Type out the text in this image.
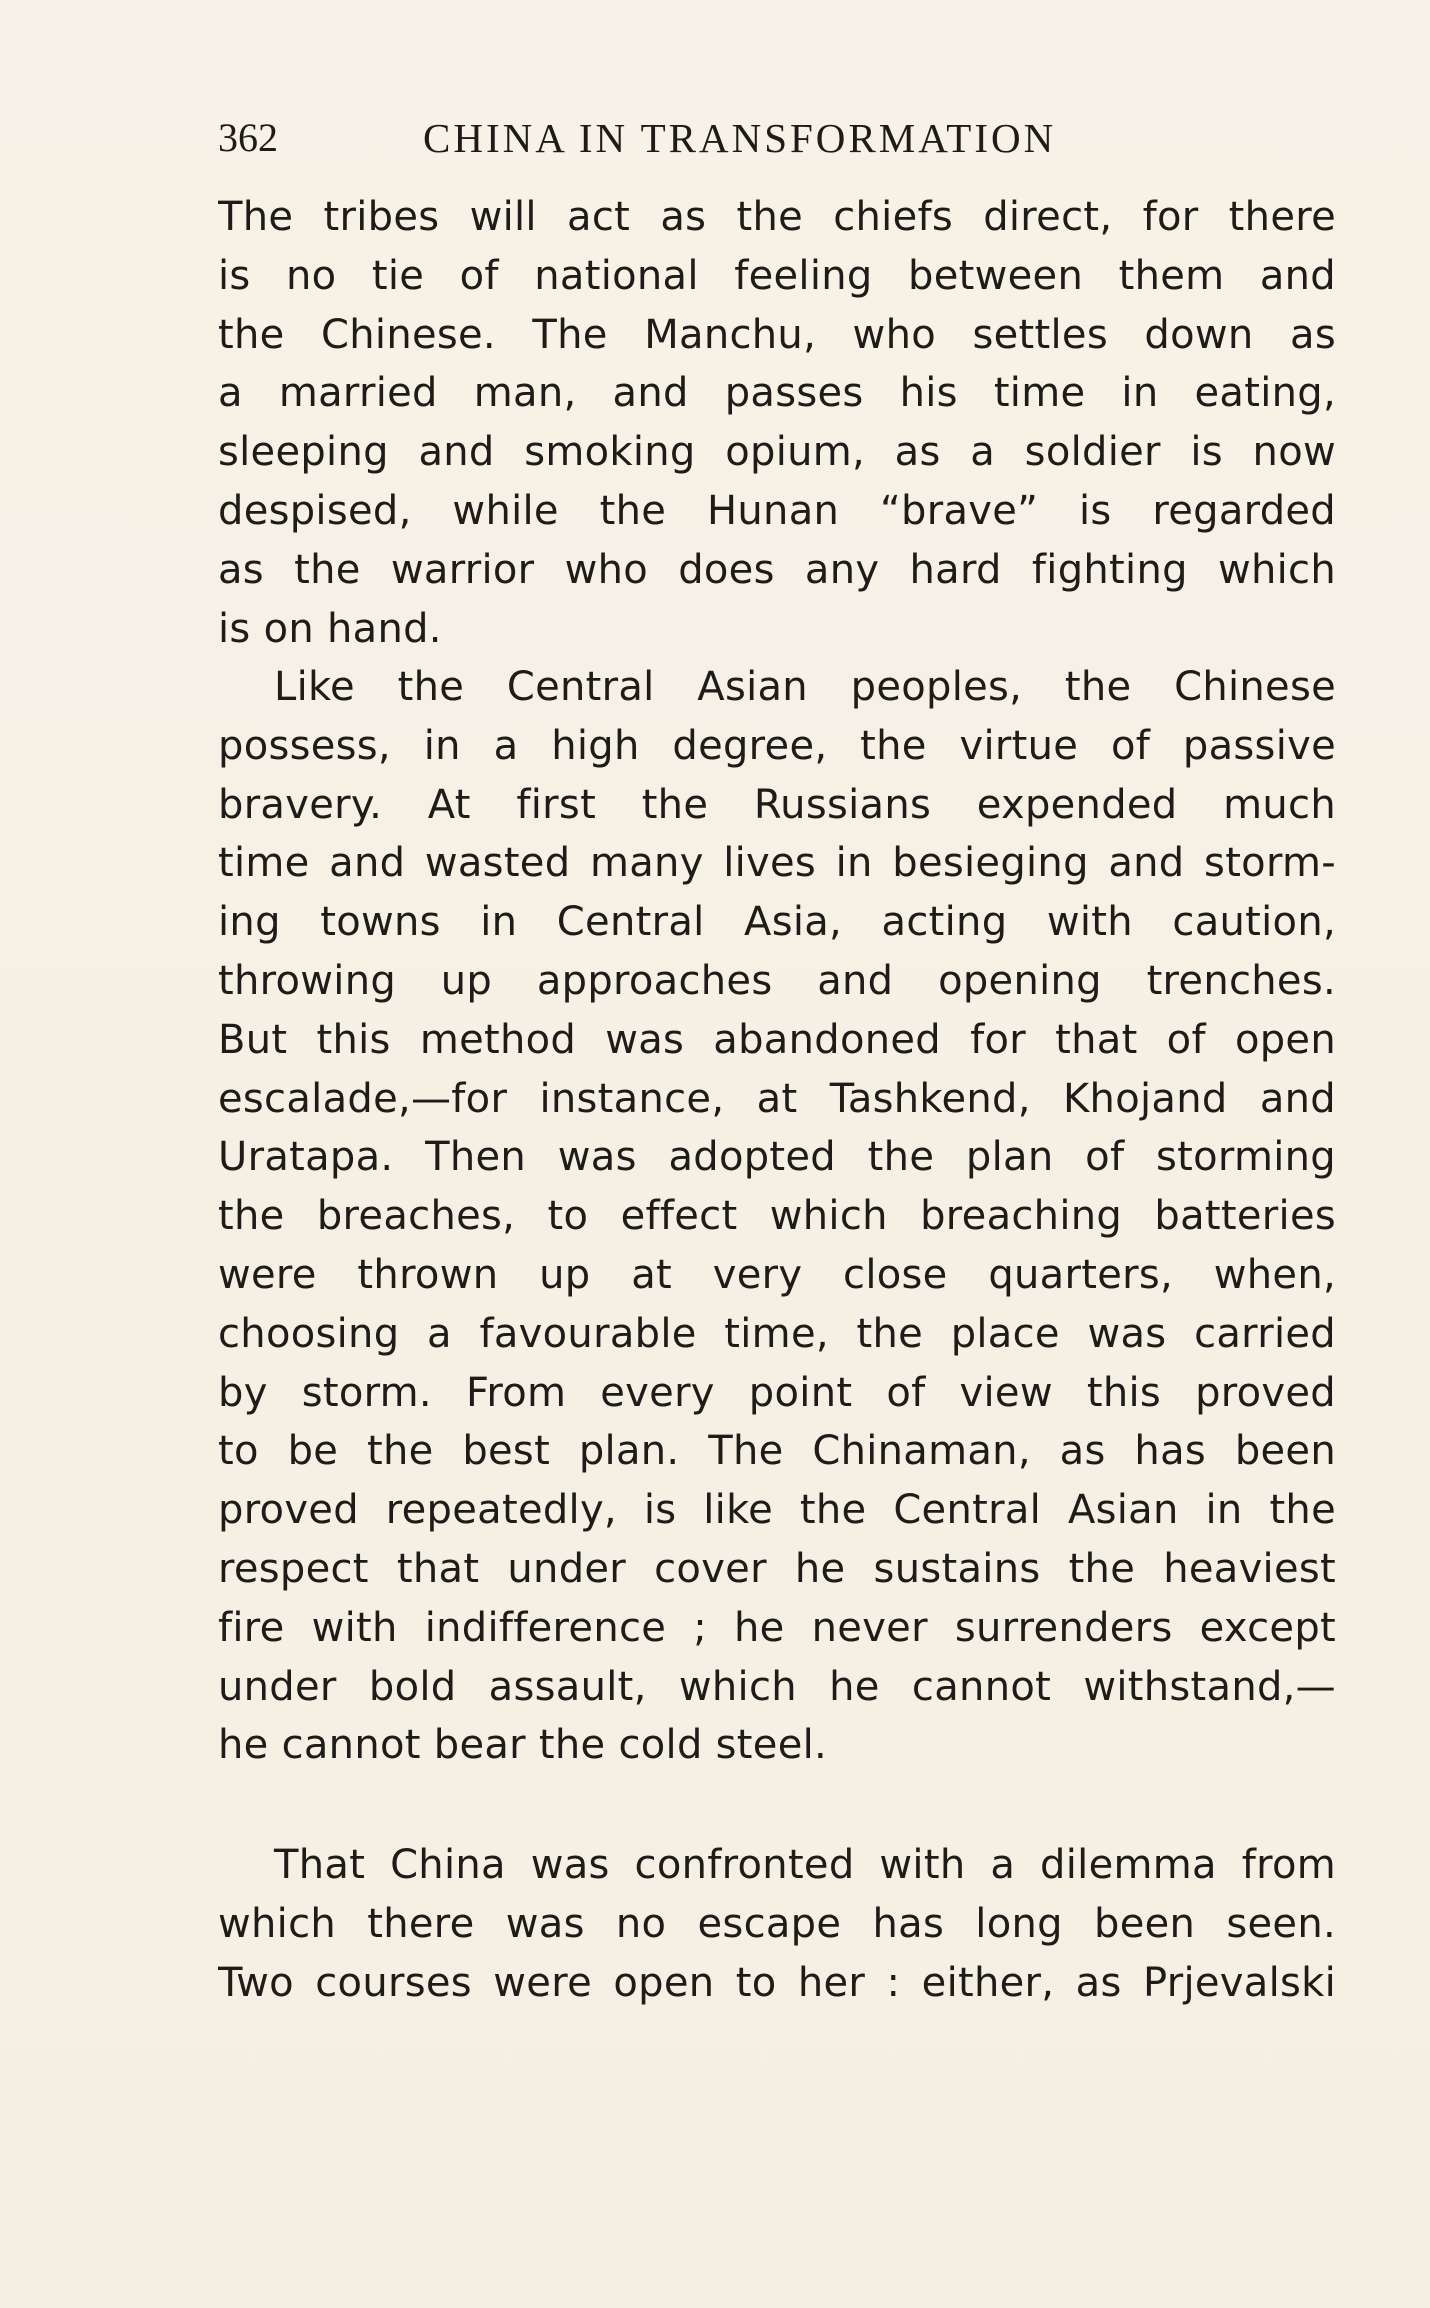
362	CHINA IN TRANSFORMATION
The tribes will act as the chiefs direct, for there
is no tie of national feeling between them and
the Chinese. The Manchu, who settles down as
a married man, and passes his time in eating,
sleeping and smoking opium, as a soldier is now
despised, while the Hunan “brave” is regarded
as the warrior who does any hard fighting which
is on hand.
Like the Central Asian peoples, the Chinese
possess, in a high degree, the virtue of passive
bravery. At first the Russians expended much
time and wasted many lives in besieging and storm-
ing towns in Central Asia, acting with caution,
throwing up approaches and opening trenches.
But this method was abandoned for that of open
escalade,—for instance, at Tashkend, Khojand and
Uratapa. Then was adopted the plan of storming
the breaches, to effect which breaching batteries
were thrown up at very close quarters, when,
choosing a favourable time, the place was carried
by storm. From every point of view this proved
to be the best plan. The Chinaman, as has been
proved repeatedly, is like the Central Asian in the
respect that under cover he sustains the heaviest
fire with indifference ; he never surrenders except
under bold assault, which he cannot withstand,—
he cannot bear the cold steel.
That China was confronted with a dilemma from
which there was no escape has long been seen.
Two courses were open to her : either, as Prjevalski
